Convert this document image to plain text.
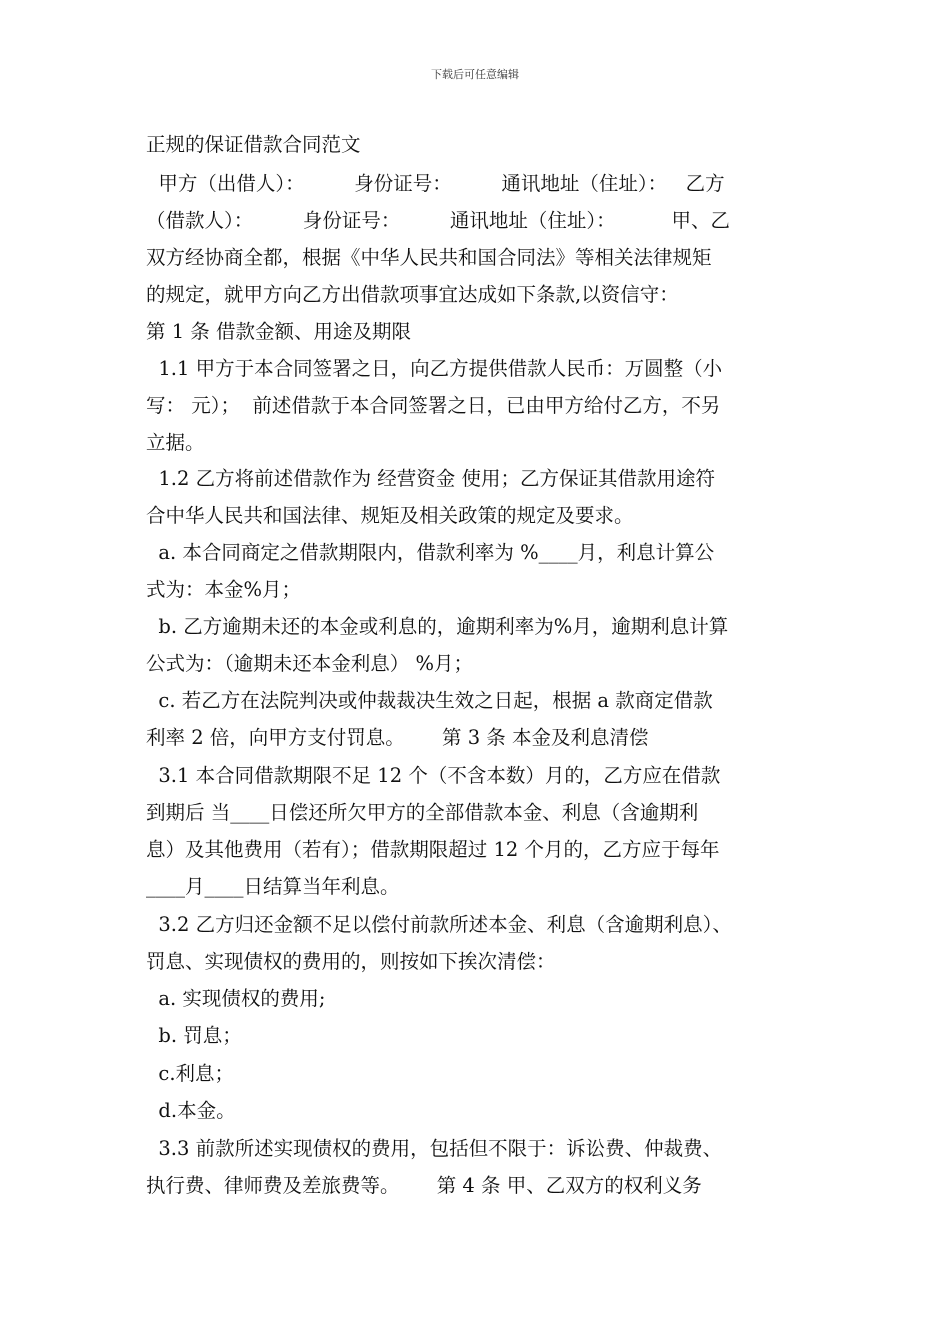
下载后可任意编辑
正规的保证借款合同范文
甲方（出借人）：        身份证号：        通讯地址（住址）：   乙方
（借款人）：        身份证号：        通讯地址（住址）：         甲、乙
双方经协商全都，根据《中华人民共和国合同法》等相关法律规矩
的规定，就甲方向乙方出借款项事宜达成如下条款,以资信守：
第 1 条 借款金额、用途及期限
1.1 甲方于本合同签署之日，向乙方提供借款人民币：万圆整（小
写： 元）；  前述借款于本合同签署之日，已由甲方给付乙方，不另
立据。
1.2 乙方将前述借款作为 经营资金 使用；乙方保证其借款用途符
合中华人民共和国法律、规矩及相关政策的规定及要求。
a. 本合同商定之借款期限内，借款利率为 %____月，利息计算公
式为：本金%月；
b. 乙方逾期未还的本金或利息的，逾期利率为%月，逾期利息计算
公式为：（逾期未还本金利息） %月；
c. 若乙方在法院判决或仲裁裁决生效之日起，根据 a 款商定借款
利率 2 倍，向甲方支付罚息。      第 3 条 本金及利息清偿
3.1 本合同借款期限不足 12 个（不含本数）月的，乙方应在借款
到期后 当____日偿还所欠甲方的全部借款本金、利息（含逾期利
息）及其他费用（若有）；借款期限超过 12 个月的，乙方应于每年
____月____日结算当年利息。
3.2 乙方归还金额不足以偿付前款所述本金、利息（含逾期利息）、
罚息、实现债权的费用的，则按如下挨次清偿：
a. 实现债权的费用;
b. 罚息；
c.利息；
d.本金。
3.3 前款所述实现债权的费用，包括但不限于：诉讼费、仲裁费、
执行费、律师费及差旅费等。      第 4 条 甲、乙双方的权利义务
